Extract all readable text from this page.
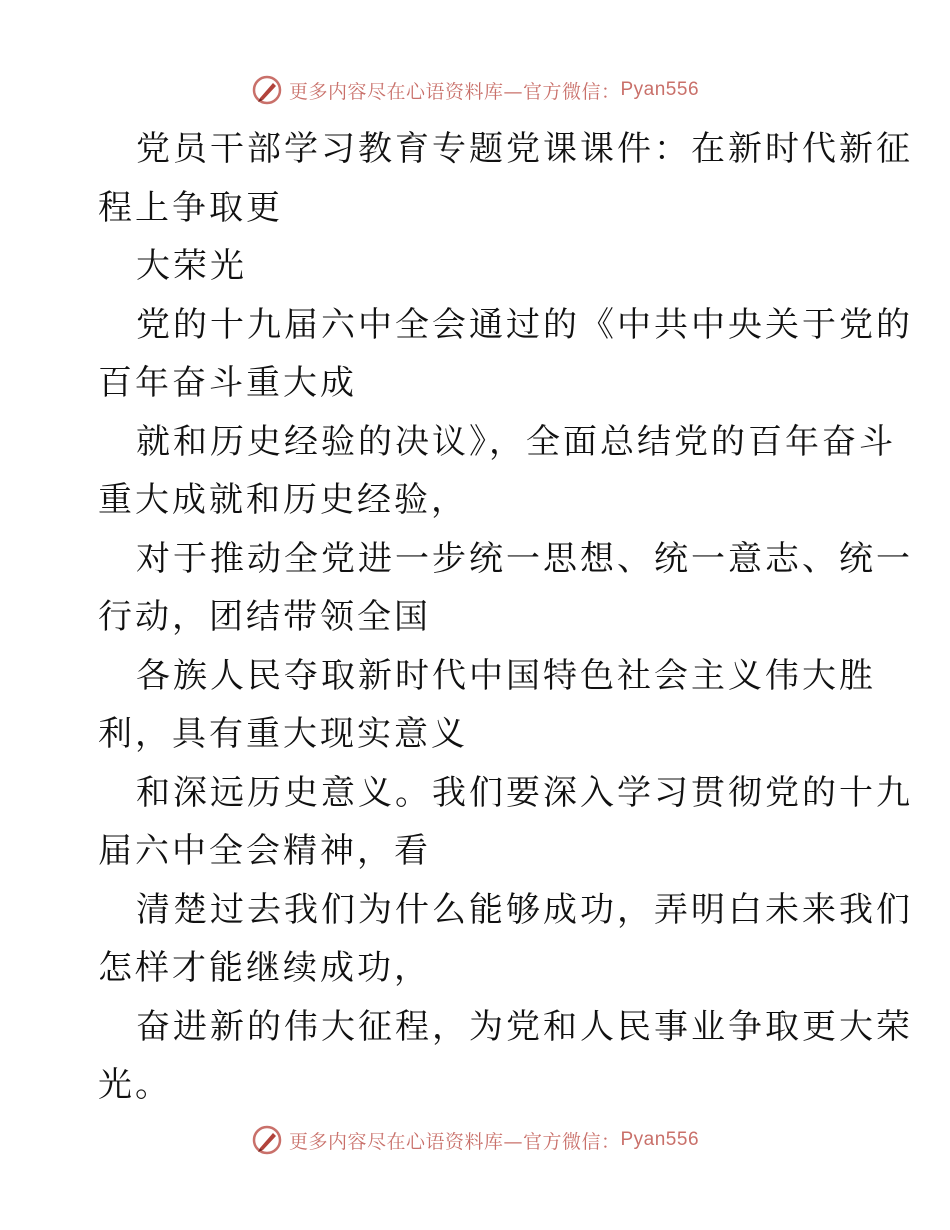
更多内容尽在心语资料库—官方微信： Pyan556
党员干部学习教育专题党课课件：在新时代新征
程上争取更
大荣光
党的十九届六中全会通过的《中共中央关于党的
百年奋斗重大成
就和历史经验的决议》，全面总结党的百年奋斗
重大成就和历史经验，
对于推动全党进一步统一思想、统一意志、统一
行动，团结带领全国
各族人民夺取新时代中国特色社会主义伟大胜
利，具有重大现实意义
和深远历史意义。我们要深入学习贯彻党的十九
届六中全会精神，看
清楚过去我们为什么能够成功，弄明白未来我们
怎样才能继续成功，
奋进新的伟大征程，为党和人民事业争取更大荣
光。
更多内容尽在心语资料库—官方微信： Pyan556
